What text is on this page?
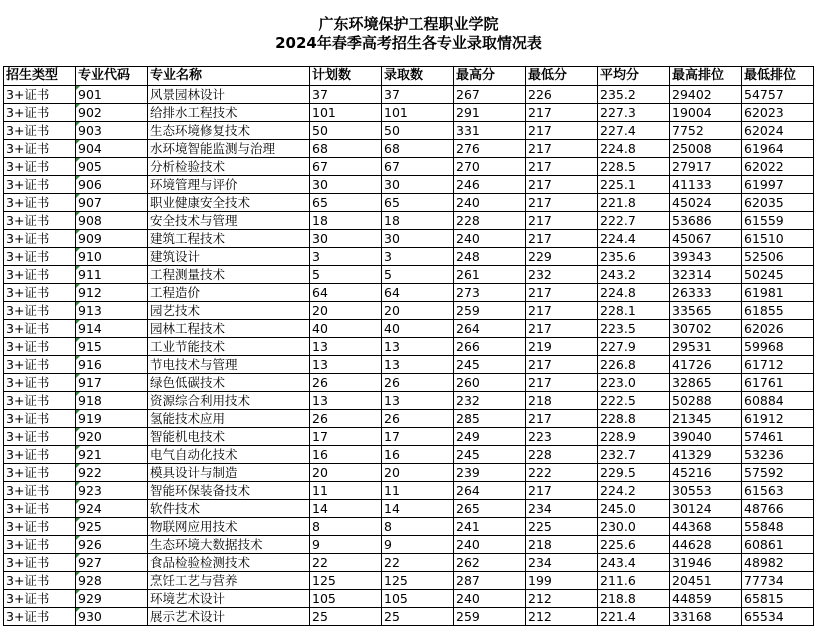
广东环境保护工程职业学院
2024年春季高考招生各专业录取情况表
招生类型	专业代码	专业名称	计划数	录取数	最高分	最低分	平均分	最高排位	最低排位
3+证书	901	风景园林设计	37	37	267	226	235.2	29402	54757
3+证书	902	给排水工程技术	101	101	291	217	227.3	19004	62023
3+证书	903	生态环境修复技术	50	50	331	217	227.4	7752	62024
3+证书	904	水环境智能监测与治理	68	68	276	217	224.8	25008	61964
3+证书	905	分析检验技术	67	67	270	217	228.5	27917	62022
3+证书	906	环境管理与评价	30	30	246	217	225.1	41133	61997
3+证书	907	职业健康安全技术	65	65	240	217	221.8	45024	62035
3+证书	908	安全技术与管理	18	18	228	217	222.7	53686	61559
3+证书	909	建筑工程技术	30	30	240	217	224.4	45067	61510
3+证书	910	建筑设计	3	3	248	229	235.6	39343	52506
3+证书	911	工程测量技术	5	5	261	232	243.2	32314	50245
3+证书	912	工程造价	64	64	273	217	224.8	26333	61981
3+证书	913	园艺技术	20	20	259	217	228.1	33565	61855
3+证书	914	园林工程技术	40	40	264	217	223.5	30702	62026
3+证书	915	工业节能技术	13	13	266	219	227.9	29531	59968
3+证书	916	节电技术与管理	13	13	245	217	226.8	41726	61712
3+证书	917	绿色低碳技术	26	26	260	217	223.0	32865	61761
3+证书	918	资源综合利用技术	13	13	232	218	222.5	50288	60884
3+证书	919	氢能技术应用	26	26	285	217	228.8	21345	61912
3+证书	920	智能机电技术	17	17	249	223	228.9	39040	57461
3+证书	921	电气自动化技术	16	16	245	228	232.7	41329	53236
3+证书	922	模具设计与制造	20	20	239	222	229.5	45216	57592
3+证书	923	智能环保装备技术	11	11	264	217	224.2	30553	61563
3+证书	924	软件技术	14	14	265	234	245.0	30124	48766
3+证书	925	物联网应用技术	8	8	241	225	230.0	44368	55848
3+证书	926	生态环境大数据技术	9	9	240	218	225.6	44628	60861
3+证书	927	食品检验检测技术	22	22	262	234	243.4	31946	48982
3+证书	928	烹饪工艺与营养	125	125	287	199	211.6	20451	77734
3+证书	929	环境艺术设计	105	105	240	212	218.8	44859	65815
3+证书	930	展示艺术设计	25	25	259	212	221.4	33168	65534
